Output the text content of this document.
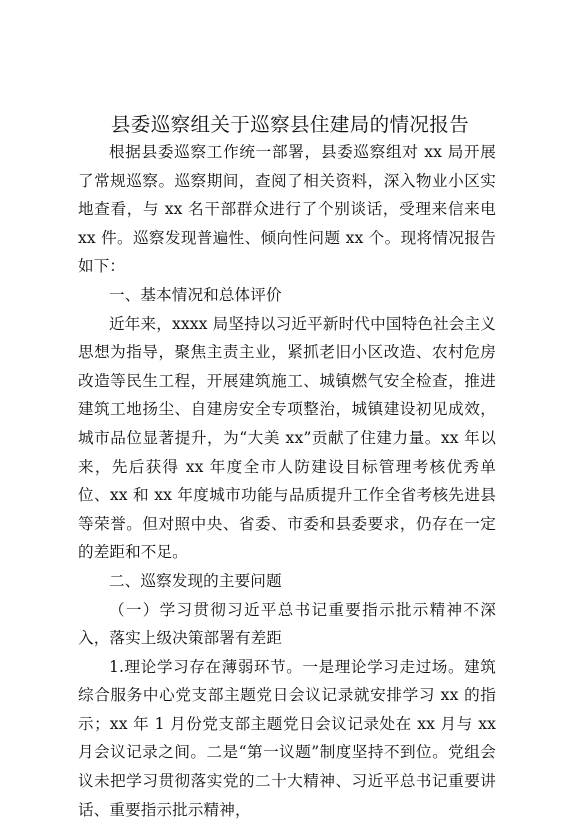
县委巡察组关于巡察县住建局的情况报告

根据县委巡察工作统一部署，县委巡察组对 xx 局开展了常规巡察。巡察期间，查阅了相关资料，深入物业小区实地查看，与 xx 名干部群众进行了个别谈话，受理来信来电 xx 件。巡察发现普遍性、倾向性问题 xx 个。现将情况报告如下：

一、基本情况和总体评价

近年来，xxxx 局坚持以习近平新时代中国特色社会主义思想为指导，聚焦主责主业，紧抓老旧小区改造、农村危房改造等民生工程，开展建筑施工、城镇燃气安全检查，推进建筑工地扬尘、自建房安全专项整治，城镇建设初见成效，城市品位显著提升，为“大美 xx”贡献了住建力量。xx 年以来，先后获得 xx 年度全市人防建设目标管理考核优秀单位、xx 和 xx 年度城市功能与品质提升工作全省考核先进县等荣誉。但对照中央、省委、市委和县委要求，仍存在一定的差距和不足。

二、巡察发现的主要问题

（一）学习贯彻习近平总书记重要指示批示精神不深入，落实上级决策部署有差距

1.理论学习存在薄弱环节。一是理论学习走过场。建筑综合服务中心党支部主题党日会议记录就安排学习 xx 的指示；xx 年 1 月份党支部主题党日会议记录处在 xx 月与 xx 月会议记录之间。二是“第一议题”制度坚持不到位。党组会议未把学习贯彻落实党的二十大精神、习近平总书记重要讲话、重要指示批示精神，
